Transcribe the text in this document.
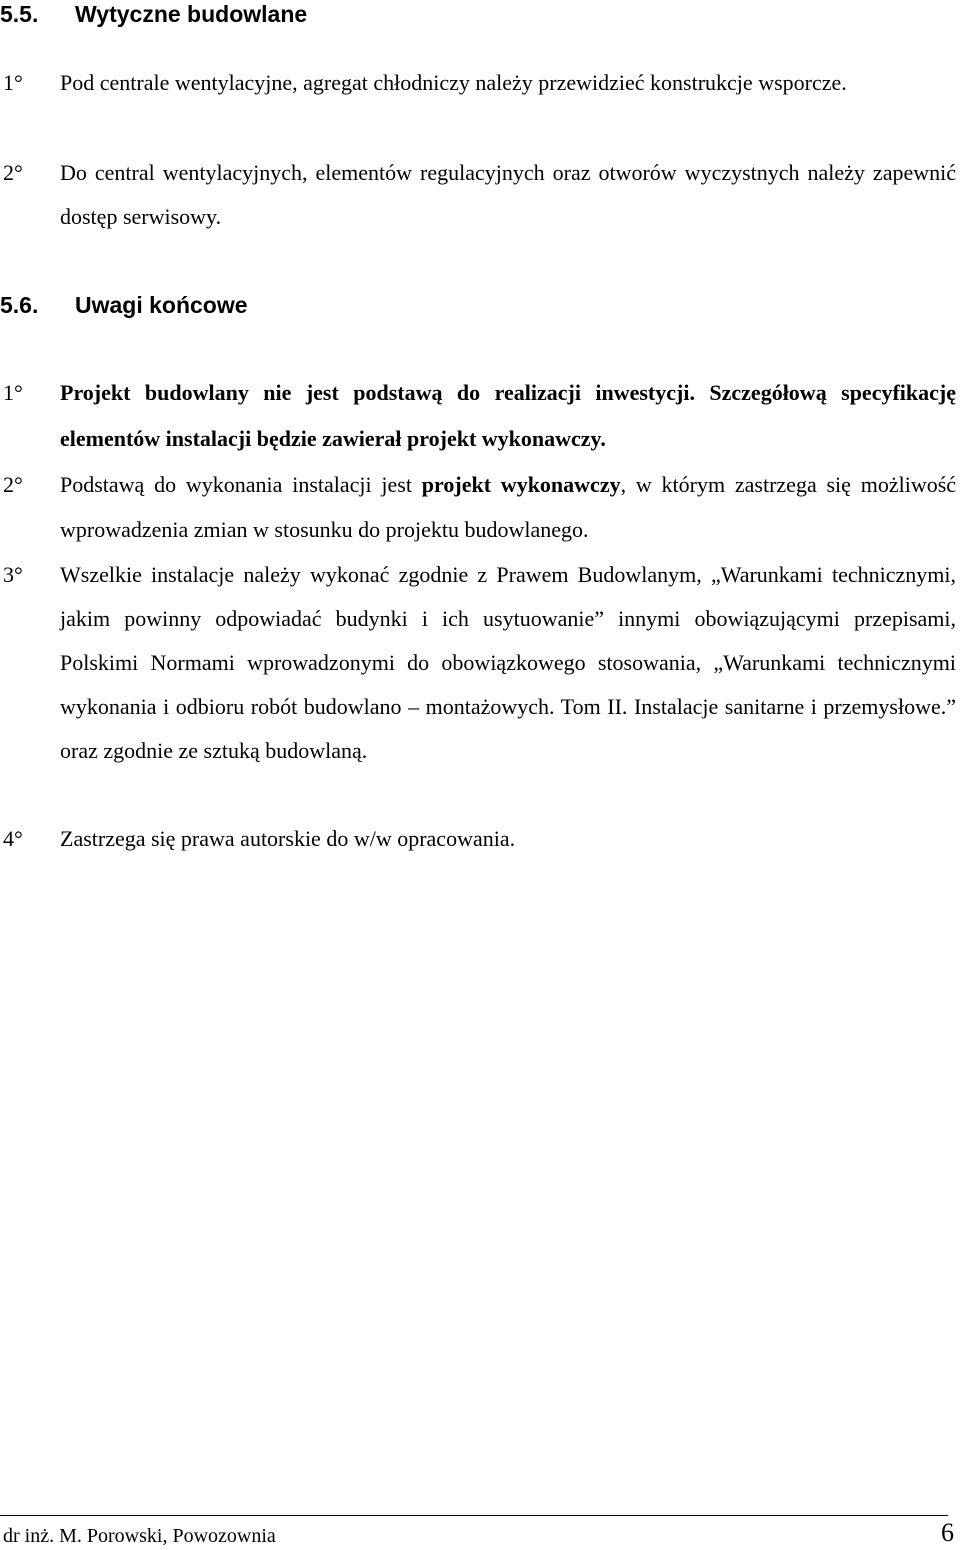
5.5. Wytyczne budowlane
1° Pod centrale wentylacyjne, agregat chłodniczy należy przewidzieć konstrukcje wsporcze.
2° Do central wentylacyjnych, elementów regulacyjnych oraz otworów wyczystnych należy zapewnić dostęp serwisowy.
5.6. Uwagi końcowe
1° Projekt budowlany nie jest podstawą do realizacji inwestycji. Szczegółową specyfikację elementów instalacji będzie zawierał projekt wykonawczy.
2° Podstawą do wykonania instalacji jest projekt wykonawczy, w którym zastrzega się możliwość wprowadzenia zmian w stosunku do projektu budowlanego.
3° Wszelkie instalacje należy wykonać zgodnie z Prawem Budowlanym, „Warunkami technicznymi, jakim powinny odpowiadać budynki i ich usytuowanie” innymi obowiązującymi przepisami, Polskimi Normami wprowadzonymi do obowiązkowego stosowania, „Warunkami technicznymi wykonania i odbioru robót budowlano – montażowych. Tom II. Instalacje sanitarne i przemysłowe.” oraz zgodnie ze sztuką budowlaną.
4° Zastrzega się prawa autorskie do w/w opracowania.
dr inż. M. Porowski, Powozownia	6
